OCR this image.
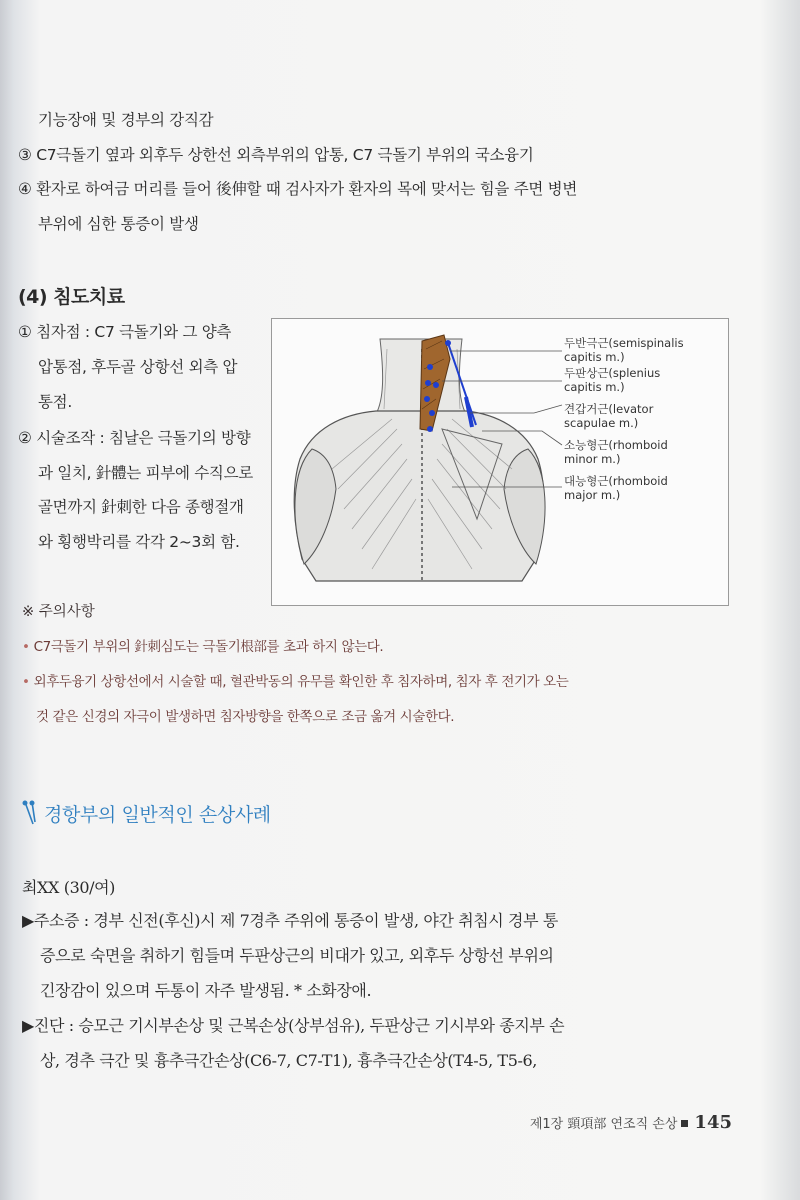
기능장애 및 경부의 강직감
③ C7극돌기 옆과 외후두 상한선 외측부위의 압통, C7 극돌기 부위의 국소융기
④ 환자로 하여금 머리를 들어 後伸할 때 검사자가 환자의 목에 맞서는 힘을 주면 병변
부위에 심한 통증이 발생
(4) 침도치료
① 침자점 : C7 극돌기와 그 양측
압통점, 후두골 상항선 외측 압
통점.
② 시술조작 : 침날은 극돌기의 방향
과 일치, 針體는 피부에 수직으로
골면까지 針刺한 다음 종행절개
와 횡행박리를 각각 2~3회 함.
두반극근(semispinalis capitis m.)
두판상근(splenius capitis m.)
견갑거근(levator scapulae m.)
소능형근(rhomboid minor m.)
대능형근(rhomboid major m.)
※ 주의사항
• C7극돌기 부위의 針刺심도는 극돌기根部를 초과 하지 않는다.
• 외후두융기 상항선에서 시술할 때, 혈관박동의 유무를 확인한 후 침자하며, 침자 후 전기가 오는
것 같은 신경의 자극이 발생하면 침자방향을 한쪽으로 조금 옮겨 시술한다.
경항부의 일반적인 손상사례
최XX (30/여)
▶주소증 : 경부 신전(후신)시 제 7경추 주위에 통증이 발생, 야간 취침시 경부 통
증으로 숙면을 취하기 힘들며 두판상근의 비대가 있고, 외후두 상항선 부위의
긴장감이 있으며 두통이 자주 발생됨. * 소화장애.
▶진단 : 승모근 기시부손상 및 근복손상(상부섬유), 두판상근 기시부와 종지부 손
상, 경추 극간 및 흉추극간손상(C6-7, C7-T1), 흉추극간손상(T4-5, T5-6,
제1장 頸項部 연조직 손상 145
